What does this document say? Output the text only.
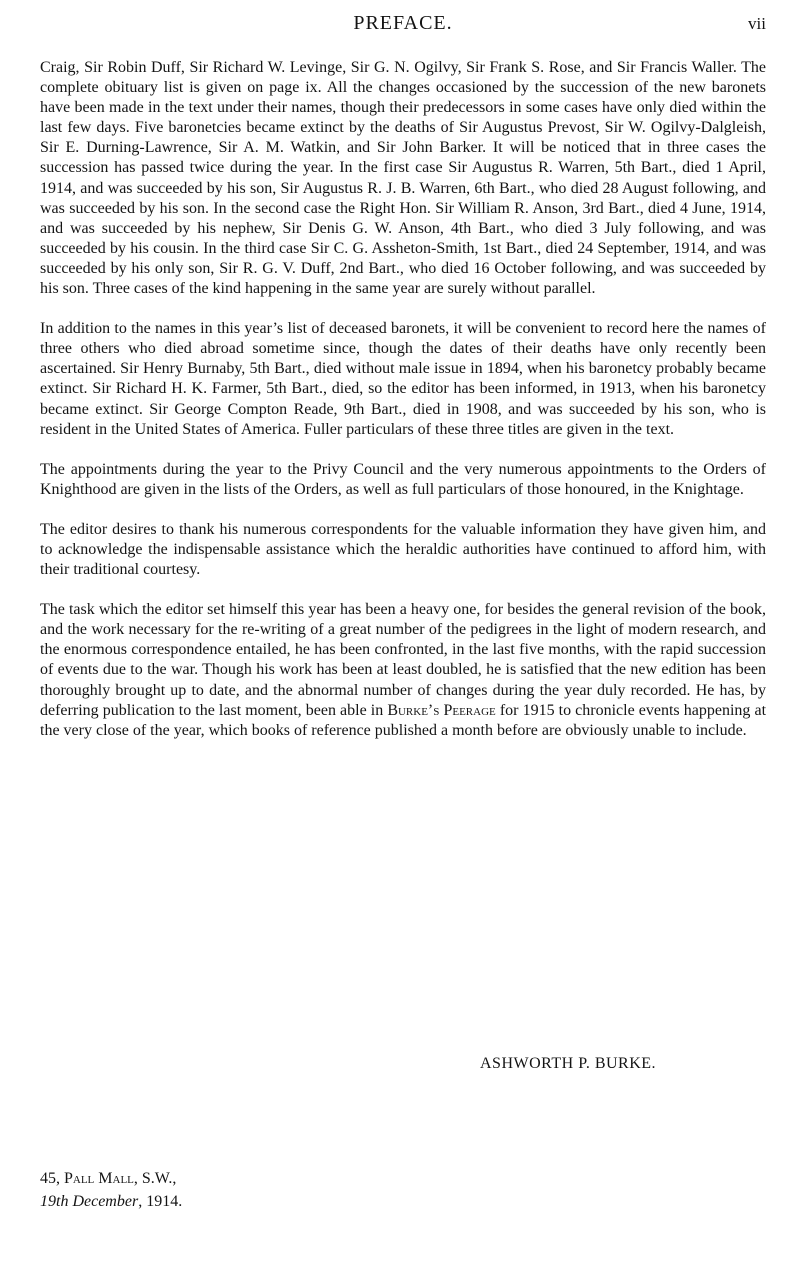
PREFACE.	vii

Craig, Sir Robin Duff, Sir Richard W. Levinge, Sir G. N. Ogilvy, Sir Frank S. Rose, and Sir Francis Waller. The complete obituary list is given on page ix. All the changes occasioned by the succession of the new baronets have been made in the text under their names, though their predecessors in some cases have only died within the last few days. Five baronetcies became extinct by the deaths of Sir Augustus Prevost, Sir W. Ogilvy-Dalgleish, Sir E. Durning-Lawrence, Sir A. M. Watkin, and Sir John Barker. It will be noticed that in three cases the succession has passed twice during the year. In the first case Sir Augustus R. Warren, 5th Bart., died 1 April, 1914, and was succeeded by his son, Sir Augustus R. J. B. Warren, 6th Bart., who died 28 August following, and was succeeded by his son. In the second case the Right Hon. Sir William R. Anson, 3rd Bart., died 4 June, 1914, and was succeeded by his nephew, Sir Denis G. W. Anson, 4th Bart., who died 3 July following, and was succeeded by his cousin. In the third case Sir C. G. Assheton-Smith, 1st Bart., died 24 September, 1914, and was succeeded by his only son, Sir R. G. V. Duff, 2nd Bart., who died 16 October following, and was succeeded by his son. Three cases of the kind happening in the same year are surely without parallel.

In addition to the names in this year’s list of deceased baronets, it will be convenient to record here the names of three others who died abroad sometime since, though the dates of their deaths have only recently been ascertained. Sir Henry Burnaby, 5th Bart., died without male issue in 1894, when his baronetcy probably became extinct. Sir Richard H. K. Farmer, 5th Bart., died, so the editor has been informed, in 1913, when his baronetcy became extinct. Sir George Compton Reade, 9th Bart., died in 1908, and was succeeded by his son, who is resident in the United States of America. Fuller particulars of these three titles are given in the text.

The appointments during the year to the Privy Council and the very numerous appointments to the Orders of Knighthood are given in the lists of the Orders, as well as full particulars of those honoured, in the Knightage.

The editor desires to thank his numerous correspondents for the valuable information they have given him, and to acknowledge the indispensable assistance which the heraldic authorities have continued to afford him, with their traditional courtesy.

The task which the editor set himself this year has been a heavy one, for besides the general revision of the book, and the work necessary for the re-writing of a great number of the pedigrees in the light of modern research, and the enormous correspondence entailed, he has been confronted, in the last five months, with the rapid succession of events due to the war. Though his work has been at least doubled, he is satisfied that the new edition has been thoroughly brought up to date, and the abnormal number of changes during the year duly recorded. He has, by deferring publication to the last moment, been able in Burke’s Peerage for 1915 to chronicle events happening at the very close of the year, which books of reference published a month before are obviously unable to include.

ASHWORTH P. BURKE.
45, Pall Mall, S.W.,
19th December, 1914.
